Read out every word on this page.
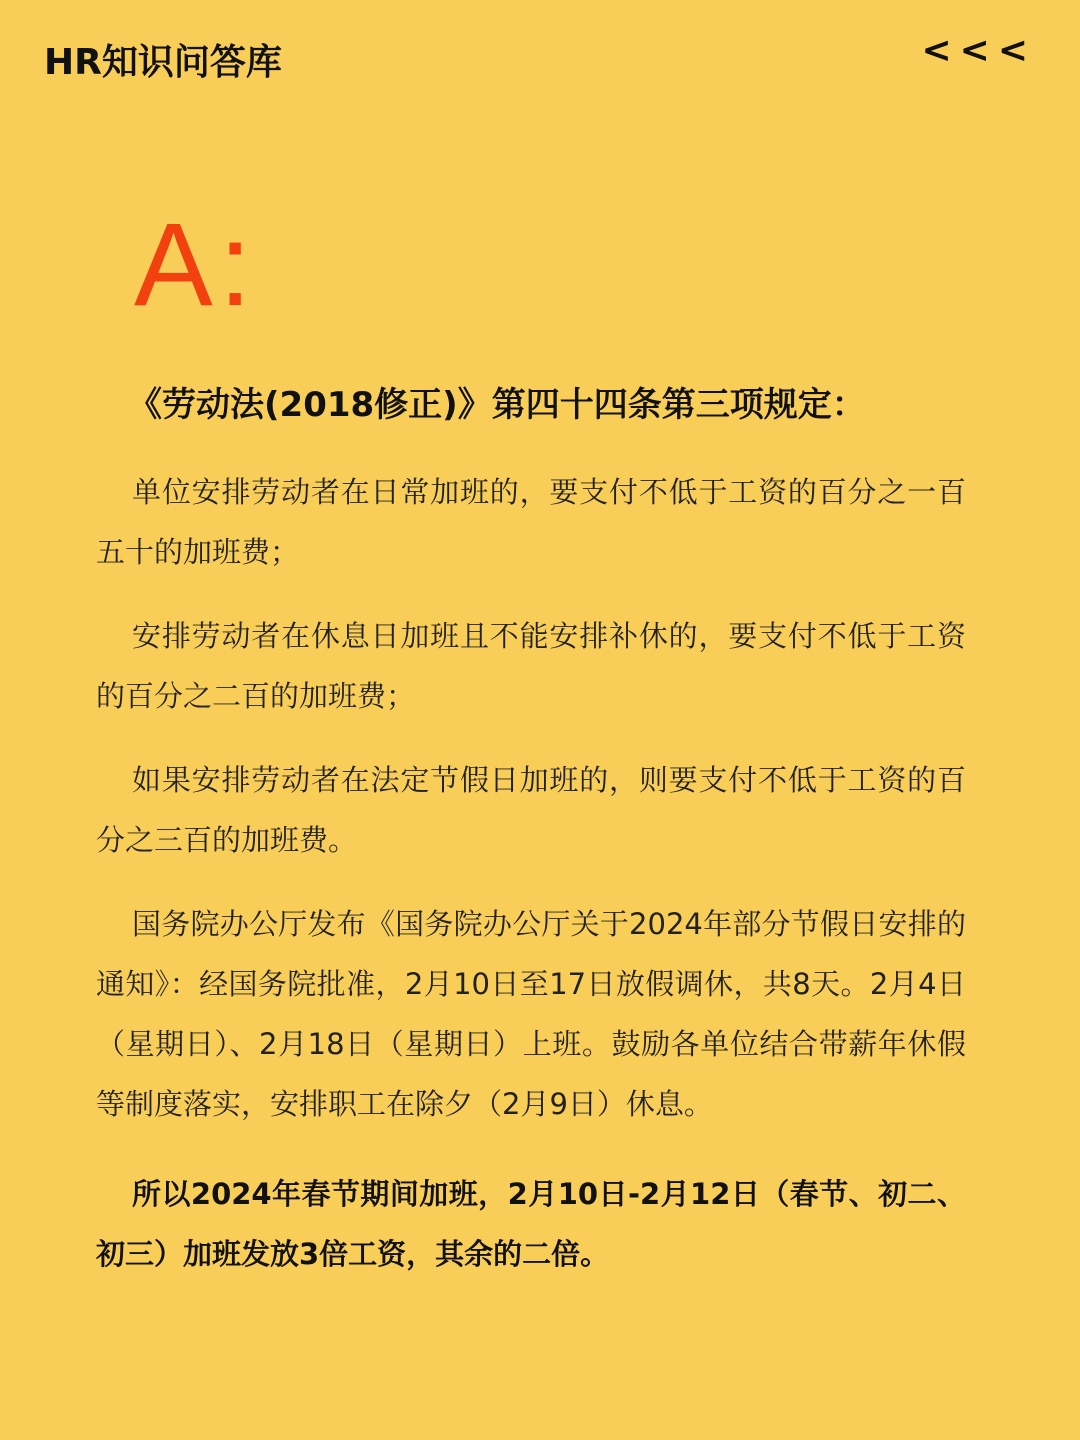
HR知识问答库	<<<
A:

《劳动法(2018修正)》第四十四条第三项规定：

单位安排劳动者在日常加班的，要支付不低于工资的百分之一百五十的加班费；

安排劳动者在休息日加班且不能安排补休的，要支付不低于工资的百分之二百的加班费；

如果安排劳动者在法定节假日加班的，则要支付不低于工资的百分之三百的加班费。

国务院办公厅发布《国务院办公厅关于2024年部分节假日安排的通知》：经国务院批准，2月10日至17日放假调休，共8天。2月4日（星期日）、2月18日（星期日）上班。鼓励各单位结合带薪年休假等制度落实，安排职工在除夕（2月9日）休息。

所以2024年春节期间加班，2月10日-2月12日（春节、初二、初三）加班发放3倍工资，其余的二倍。
